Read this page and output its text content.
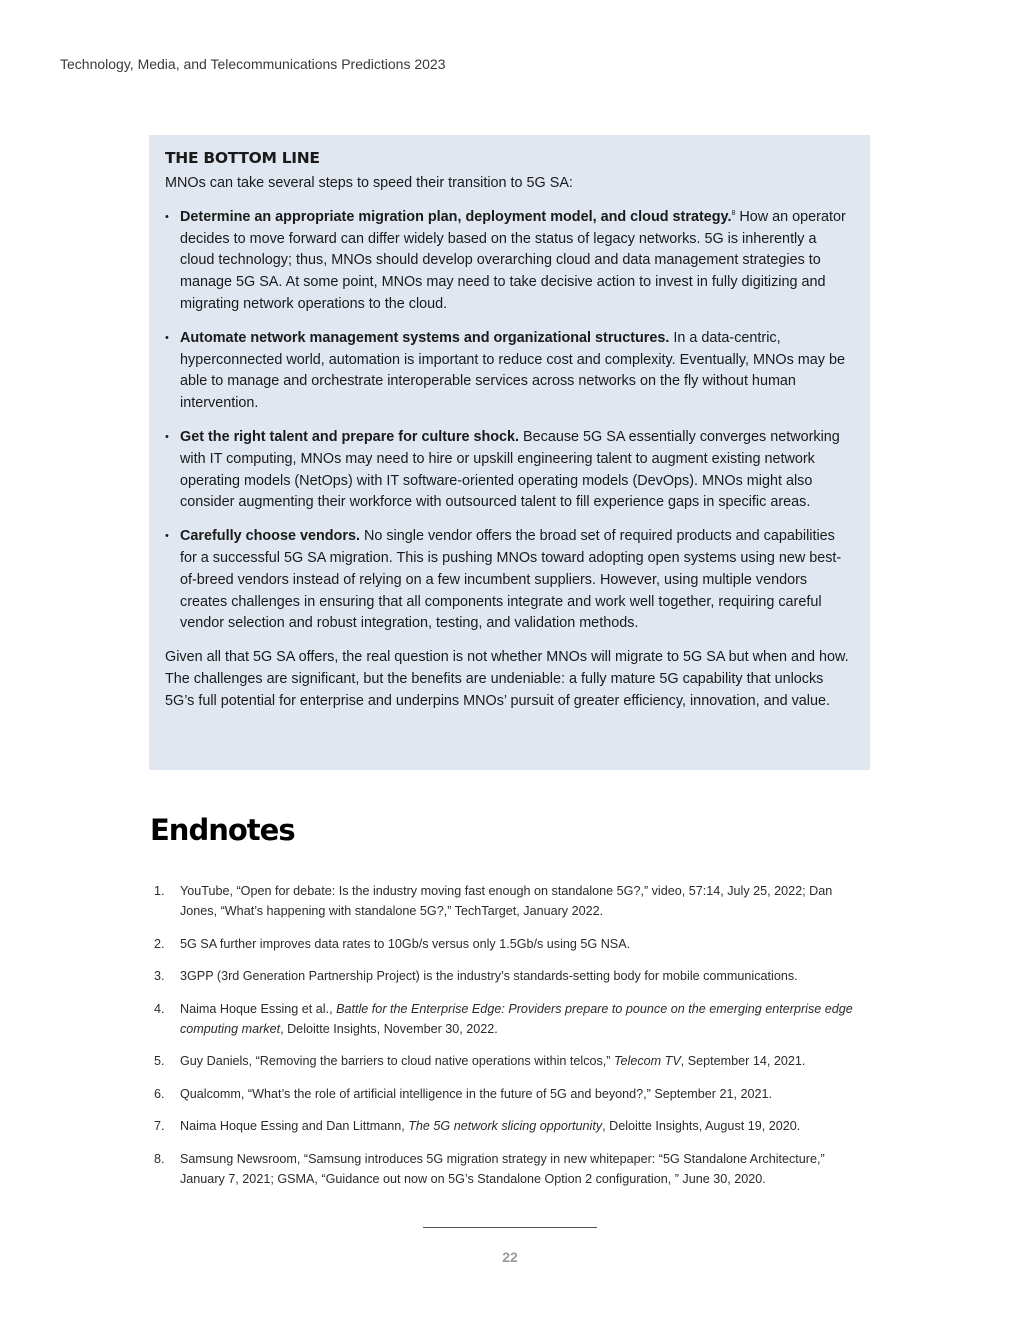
Technology, Media, and Telecommunications Predictions 2023
THE BOTTOM LINE

MNOs can take several steps to speed their transition to 5G SA:

• Determine an appropriate migration plan, deployment model, and cloud strategy.$^8$ How an operator decides to move forward can differ widely based on the status of legacy networks. 5G is inherently a cloud technology; thus, MNOs should develop overarching cloud and data management strategies to manage 5G SA. At some point, MNOs may need to take decisive action to invest in fully digitizing and migrating network operations to the cloud.
• Automate network management systems and organizational structures. In a data-centric, hyperconnected world, automation is important to reduce cost and complexity. Eventually, MNOs may be able to manage and orchestrate interoperable services across networks on the fly without human intervention.
• Get the right talent and prepare for culture shock. Because 5G SA essentially converges networking with IT computing, MNOs may need to hire or upskill engineering talent to augment existing network operating models (NetOps) with IT software-oriented operating models (DevOps). MNOs might also consider augmenting their workforce with outsourced talent to fill experience gaps in specific areas.
• Carefully choose vendors. No single vendor offers the broad set of required products and capabilities for a successful 5G SA migration. This is pushing MNOs toward adopting open systems using new best-of-breed vendors instead of relying on a few incumbent suppliers. However, using multiple vendors creates challenges in ensuring that all components integrate and work well together, requiring careful vendor selection and robust integration, testing, and validation methods.

Given all that 5G SA offers, the real question is not whether MNOs will migrate to 5G SA but when and how. The challenges are significant, but the benefits are undeniable: a fully mature 5G capability that unlocks 5G’s full potential for enterprise and underpins MNOs’ pursuit of greater efficiency, innovation, and value.

Endnotes
1. YouTube, “Open for debate: Is the industry moving fast enough on standalone 5G?,” video, 57:14, July 25, 2022; Dan Jones, “What’s happening with standalone 5G?,” TechTarget, January 2022.
2. 5G SA further improves data rates to 10Gb/s versus only 1.5Gb/s using 5G NSA.
3. 3GPP (3rd Generation Partnership Project) is the industry’s standards-setting body for mobile communications.
4. Naima Hoque Essing et al., Battle for the Enterprise Edge: Providers prepare to pounce on the emerging enterprise edge computing market, Deloitte Insights, November 30, 2022.
5. Guy Daniels, “Removing the barriers to cloud native operations within telcos,” Telecom TV, September 14, 2021.
6. Qualcomm, “What’s the role of artificial intelligence in the future of 5G and beyond?,” September 21, 2021.
7. Naima Hoque Essing and Dan Littmann, The 5G network slicing opportunity, Deloitte Insights, August 19, 2020.
8. Samsung Newsroom, “Samsung introduces 5G migration strategy in new whitepaper: “5G Standalone Architecture,” January 7, 2021; GSMA, “Guidance out now on 5G’s Standalone Option 2 configuration, ” June 30, 2020.
22
